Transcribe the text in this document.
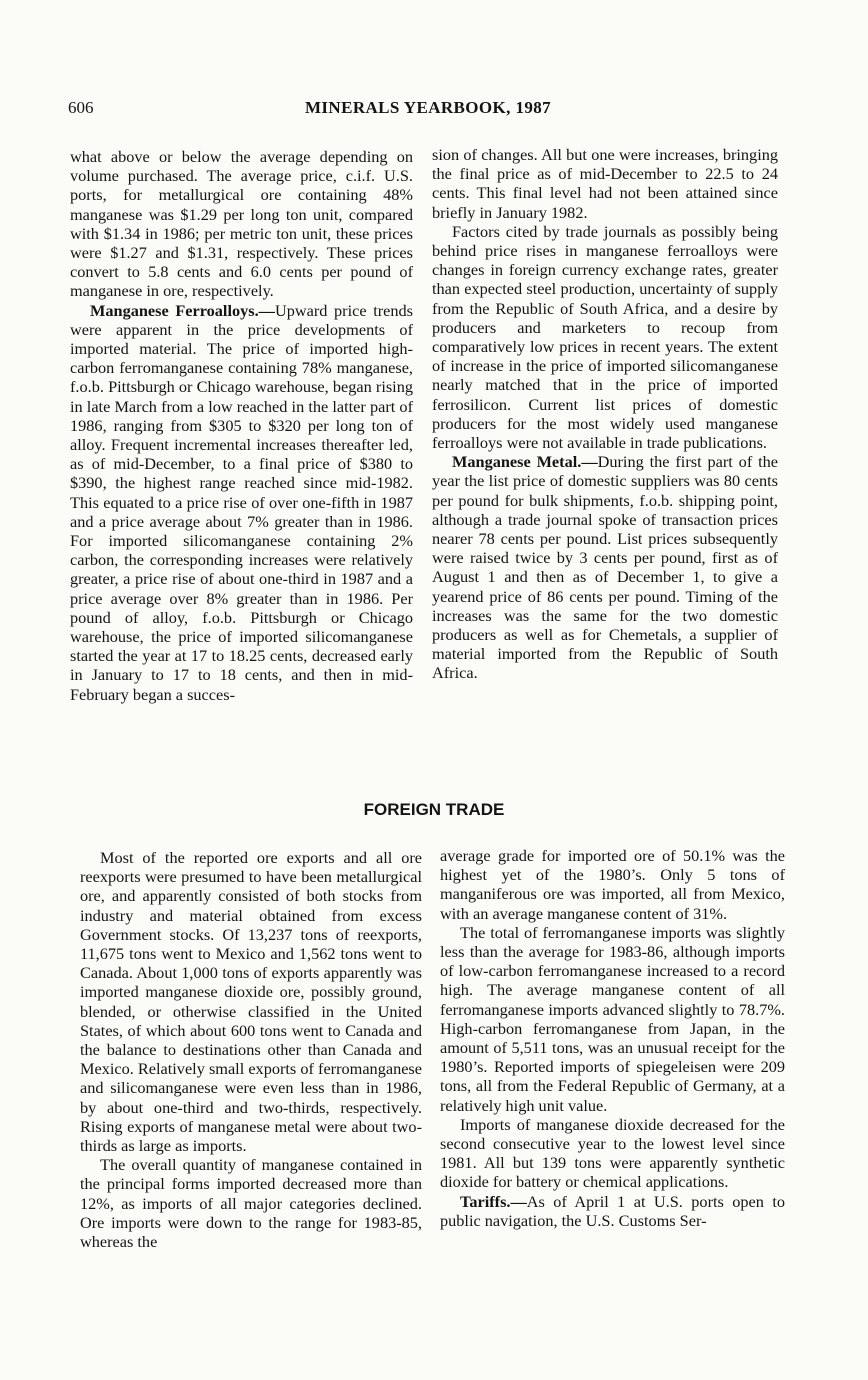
606	MINERALS YEARBOOK, 1987

what above or below the average depending on volume purchased. The average price, c.i.f. U.S. ports, for metallurgical ore containing 48% manganese was $1.29 per long ton unit, compared with $1.34 in 1986; per metric ton unit, these prices were $1.27 and $1.31, respectively. These prices convert to 5.8 cents and 6.0 cents per pound of manganese in ore, respectively.

Manganese Ferroalloys.—Upward price trends were apparent in the price developments of imported material. The price of imported high-carbon ferromanganese containing 78% manganese, f.o.b. Pittsburgh or Chicago warehouse, began rising in late March from a low reached in the latter part of 1986, ranging from $305 to $320 per long ton of alloy. Frequent incremental increases thereafter led, as of mid-December, to a final price of $380 to $390, the highest range reached since mid-1982. This equated to a price rise of over one-fifth in 1987 and a price average about 7% greater than in 1986. For imported silicomanganese containing 2% carbon, the corresponding increases were relatively greater, a price rise of about one-third in 1987 and a price average over 8% greater than in 1986. Per pound of alloy, f.o.b. Pittsburgh or Chicago warehouse, the price of imported silicomanganese started the year at 17 to 18.25 cents, decreased early in January to 17 to 18 cents, and then in mid-February began a succes-

sion of changes. All but one were increases, bringing the final price as of mid-December to 22.5 to 24 cents. This final level had not been attained since briefly in January 1982.

Factors cited by trade journals as possibly being behind price rises in manganese ferroalloys were changes in foreign currency exchange rates, greater than expected steel production, uncertainty of supply from the Republic of South Africa, and a desire by producers and marketers to recoup from comparatively low prices in recent years. The extent of increase in the price of imported silicomanganese nearly matched that in the price of imported ferrosilicon. Current list prices of domestic producers for the most widely used manganese ferroalloys were not available in trade publications.

Manganese Metal.—During the first part of the year the list price of domestic suppliers was 80 cents per pound for bulk shipments, f.o.b. shipping point, although a trade journal spoke of transaction prices nearer 78 cents per pound. List prices subsequently were raised twice by 3 cents per pound, first as of August 1 and then as of December 1, to give a yearend price of 86 cents per pound. Timing of the increases was the same for the two domestic producers as well as for Chemetals, a supplier of material imported from the Republic of South Africa.

FOREIGN TRADE

Most of the reported ore exports and all ore reexports were presumed to have been metallurgical ore, and apparently consisted of both stocks from industry and material obtained from excess Government stocks. Of 13,237 tons of reexports, 11,675 tons went to Mexico and 1,562 tons went to Canada. About 1,000 tons of exports apparently was imported manganese dioxide ore, possibly ground, blended, or otherwise classified in the United States, of which about 600 tons went to Canada and the balance to destinations other than Canada and Mexico. Relatively small exports of ferromanganese and silicomanganese were even less than in 1986, by about one-third and two-thirds, respectively. Rising exports of manganese metal were about two-thirds as large as imports.

The overall quantity of manganese contained in the principal forms imported decreased more than 12%, as imports of all major categories declined. Ore imports were down to the range for 1983-85, whereas the

average grade for imported ore of 50.1% was the highest yet of the 1980’s. Only 5 tons of manganiferous ore was imported, all from Mexico, with an average manganese content of 31%.

The total of ferromanganese imports was slightly less than the average for 1983-86, although imports of low-carbon ferromanganese increased to a record high. The average manganese content of all ferromanganese imports advanced slightly to 78.7%. High-carbon ferromanganese from Japan, in the amount of 5,511 tons, was an unusual receipt for the 1980’s. Reported imports of spiegeleisen were 209 tons, all from the Federal Republic of Germany, at a relatively high unit value.

Imports of manganese dioxide decreased for the second consecutive year to the lowest level since 1981. All but 139 tons were apparently synthetic dioxide for battery or chemical applications.

Tariffs.—As of April 1 at U.S. ports open to public navigation, the U.S. Customs Ser-
